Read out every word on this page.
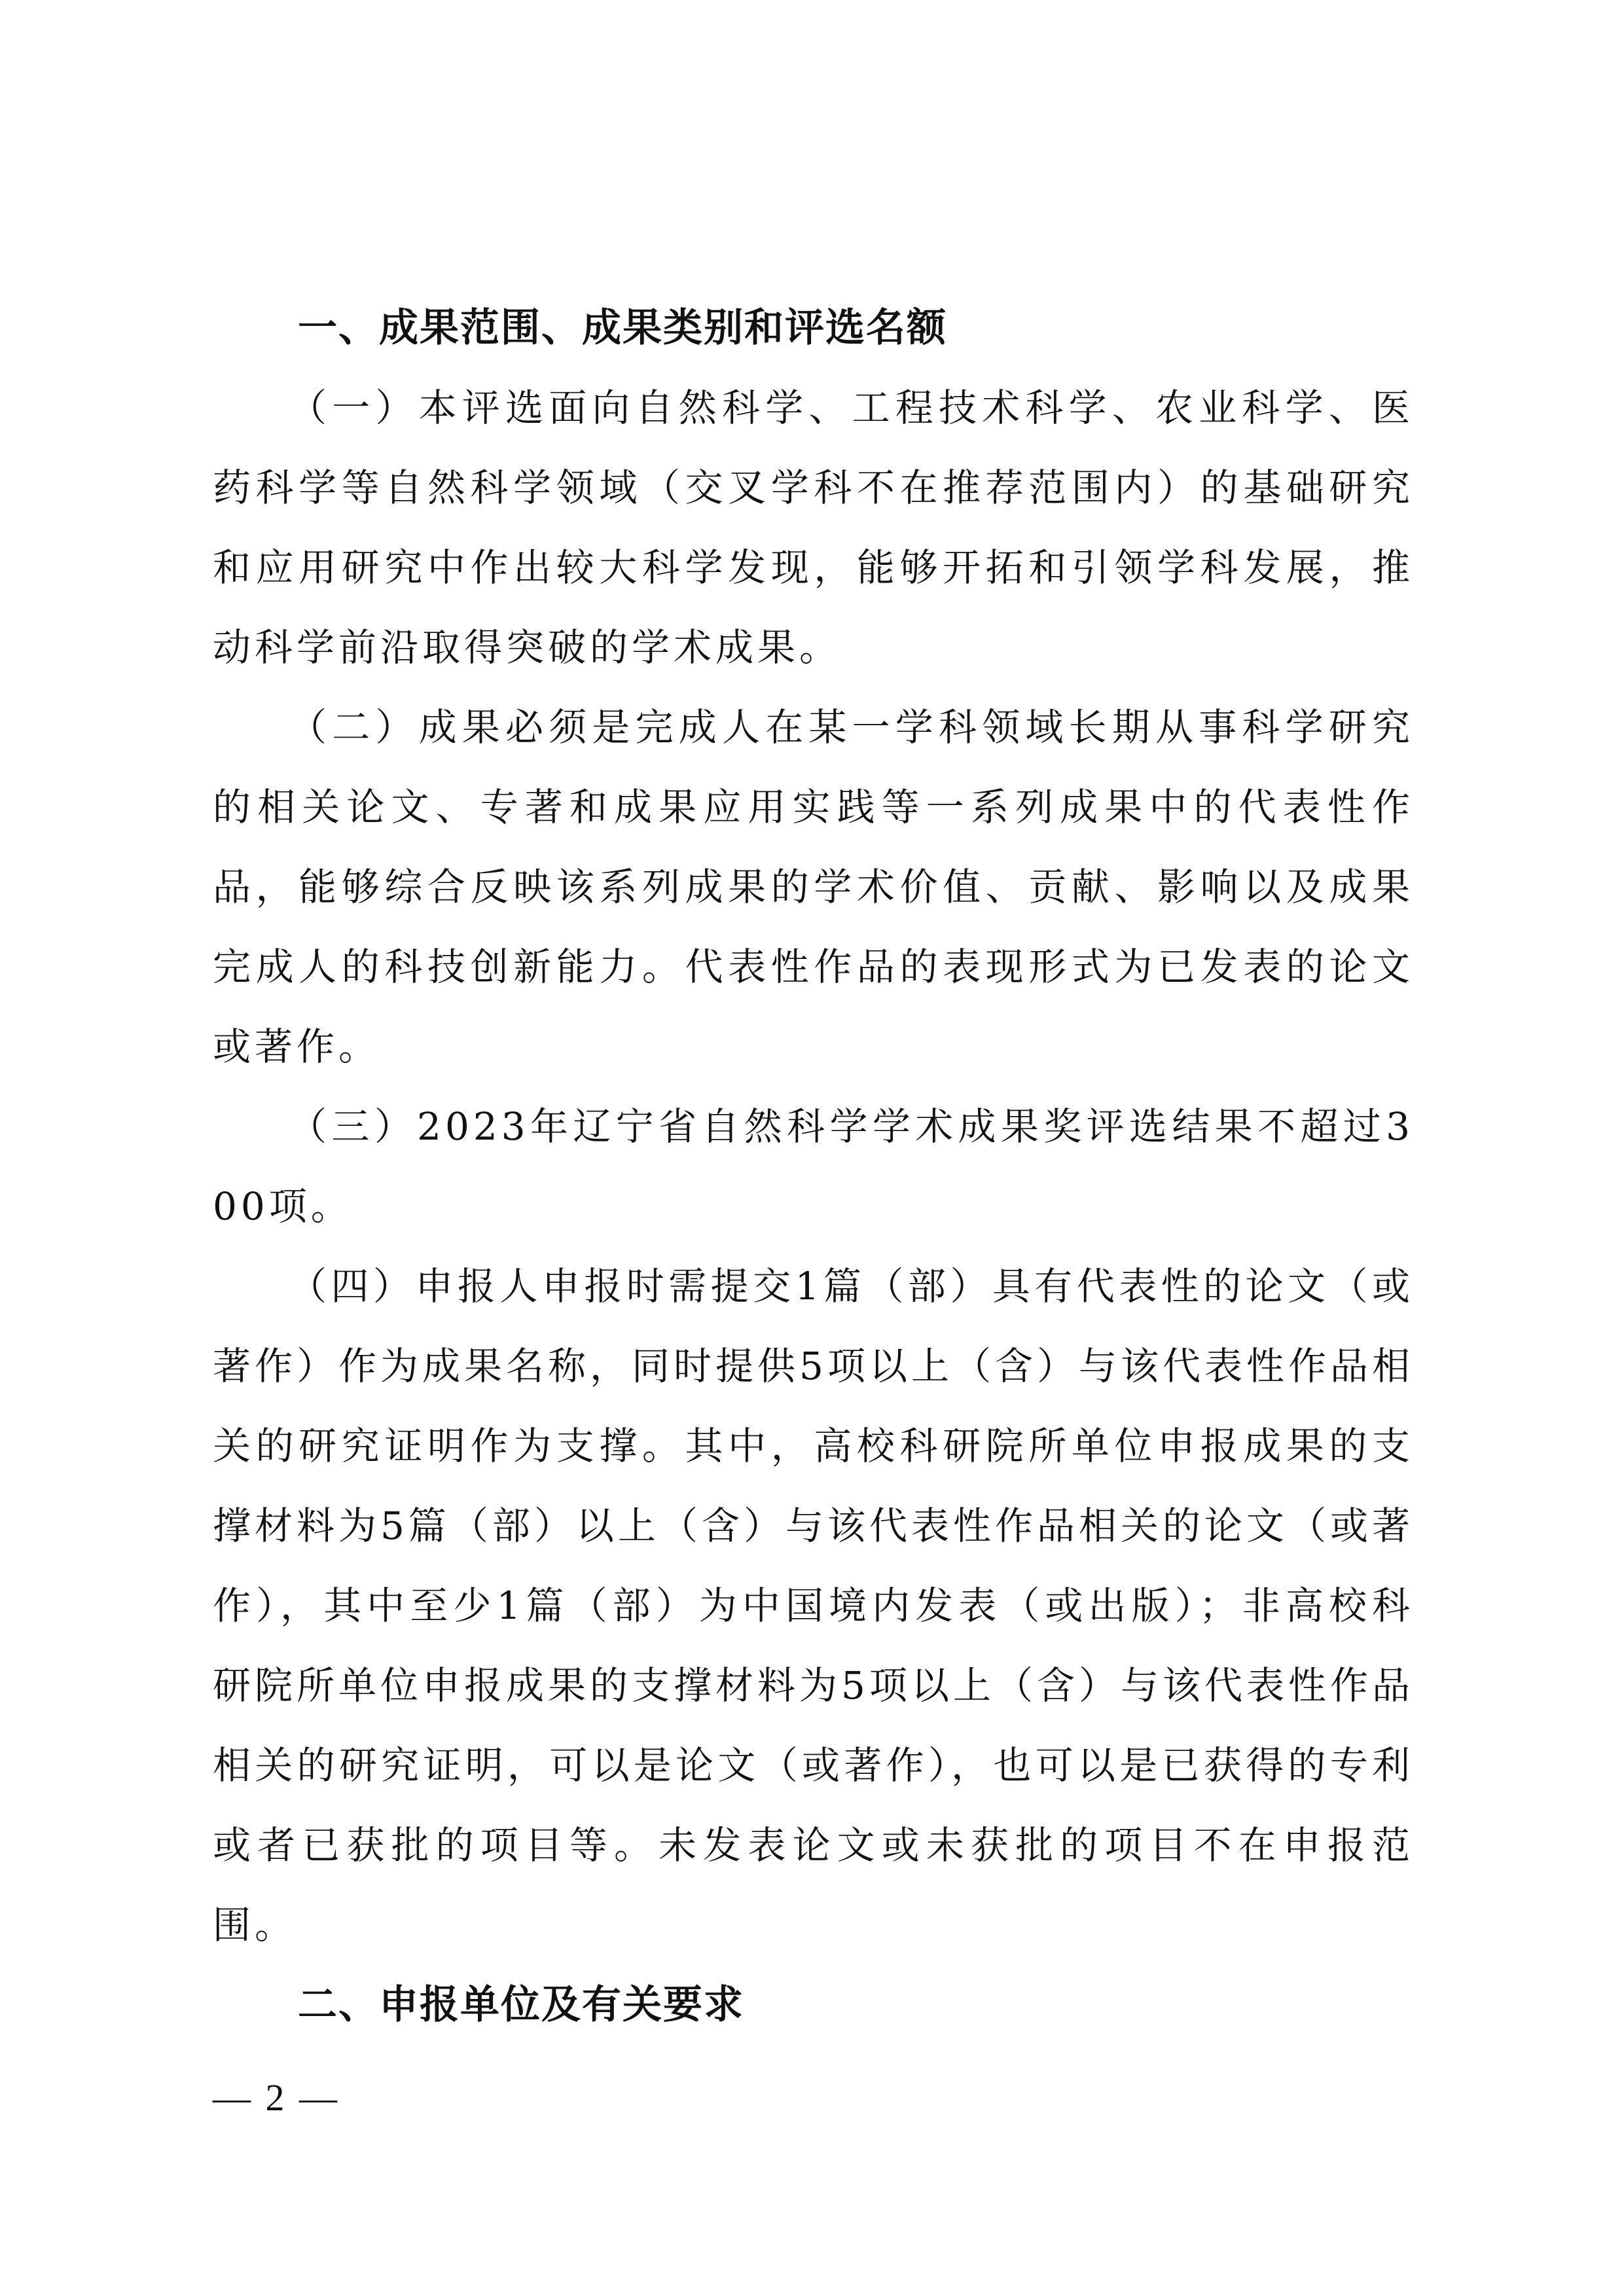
一、成果范围、成果类别和评选名额

（一）本评选面向自然科学、工程技术科学、农业科学、医药科学等自然科学领域（交叉学科不在推荐范围内）的基础研究和应用研究中作出较大科学发现，能够开拓和引领学科发展，推动科学前沿取得突破的学术成果。

（二）成果必须是完成人在某一学科领域长期从事科学研究的相关论文、专著和成果应用实践等一系列成果中的代表性作品，能够综合反映该系列成果的学术价值、贡献、影响以及成果完成人的科技创新能力。代表性作品的表现形式为已发表的论文或著作。

（三）2023年辽宁省自然科学学术成果奖评选结果不超过300项。

（四）申报人申报时需提交1篇（部）具有代表性的论文（或著作）作为成果名称，同时提供5项以上（含）与该代表性作品相关的研究证明作为支撑。其中，高校科研院所单位申报成果的支撑材料为5篇（部）以上（含）与该代表性作品相关的论文（或著作），其中至少1篇（部）为中国境内发表（或出版）；非高校科研院所单位申报成果的支撑材料为5项以上（含）与该代表性作品相关的研究证明，可以是论文（或著作），也可以是已获得的专利或者已获批的项目等。未发表论文或未获批的项目不在申报范围。

二、申报单位及有关要求
— 2 —
